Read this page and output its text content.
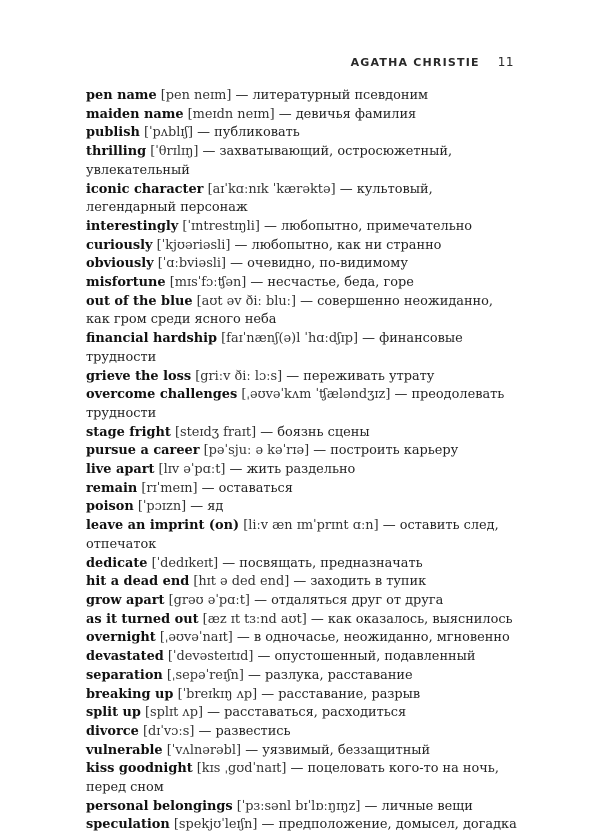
AGATHA CHRISTIE 11
pen name [pen neɪm] — литературный псевдоним
maiden name [meɪdn neɪm] — девичья фамилия
publish [ˈpʌblɪʃ] — публиковать
thrilling [ˈθrɪlɪŋ] — захватывающий, остросюжетный, увлекательный
iconic character [aɪˈkɑːnɪk ˈkærəktə] — культовый, легендарный персонаж
interestingly [ˈɪntrestɪŋli] — любопытно, примечательно
curiously [ˈkjʊəriəsli] — любопытно, как ни странно
obviously [ˈɑːbviəsli] — очевидно, по-видимому
misfortune [mɪsˈfɔːʧən] — несчастье, беда, горе
out of the blue [aʊt əv ðiː bluː] — совершенно неожиданно, как гром среди ясного неба
financial hardship [faɪˈnænʃ(ə)l ˈhɑːdʃɪp] — финансовые трудности
grieve the loss [griːv ðiː lɔːs] — переживать утрату
overcome challenges [ˌəʊvəˈkʌm ˈʧæləndʒɪz] — преодолевать трудности
stage fright [steɪdʒ fraɪt] — боязнь сцены
pursue a career [pəˈsjuː ə kəˈrɪə] — построить карьеру
live apart [lɪv əˈpɑːt] — жить раздельно
remain [rɪˈmeɪn] — оставаться
poison [ˈpɔɪzn] — яд
leave an imprint (on) [liːv æn ɪmˈprɪnt ɑːn] — оставить след, отпечаток
dedicate [ˈdedɪkeɪt] — посвящать, предназначать
hit a dead end [hɪt ə ded end] — заходить в тупик
grow apart [grəʊ əˈpɑːt] — отдаляться друг от друга
as it turned out [æz ɪt tɜːnd aʊt] — как оказалось, выяснилось
overnight [ˌəʊvəˈnaɪt] — в одночасье, неожиданно, мгновенно
devastated [ˈdevəsteɪtɪd] — опустошенный, подавленный
separation [ˌsepəˈreɪʃn] — разлука, расставание
breaking up [ˈbreɪkɪŋ ʌp] — расставание, разрыв
split up [splɪt ʌp] — расставаться, расходиться
divorce [dɪˈvɔːs] — развестись
vulnerable [ˈvʌlnərəbl] — уязвимый, беззащитный
kiss goodnight [kɪs ˌgʊdˈnaɪt] — поцеловать кого-то на ночь, перед сном
personal belongings [ˈpɜːsənl bɪˈlɒːŋɪŋz] — личные вещи
speculation [spekjʊˈleɪʃn] — предположение, домысел, догадка
